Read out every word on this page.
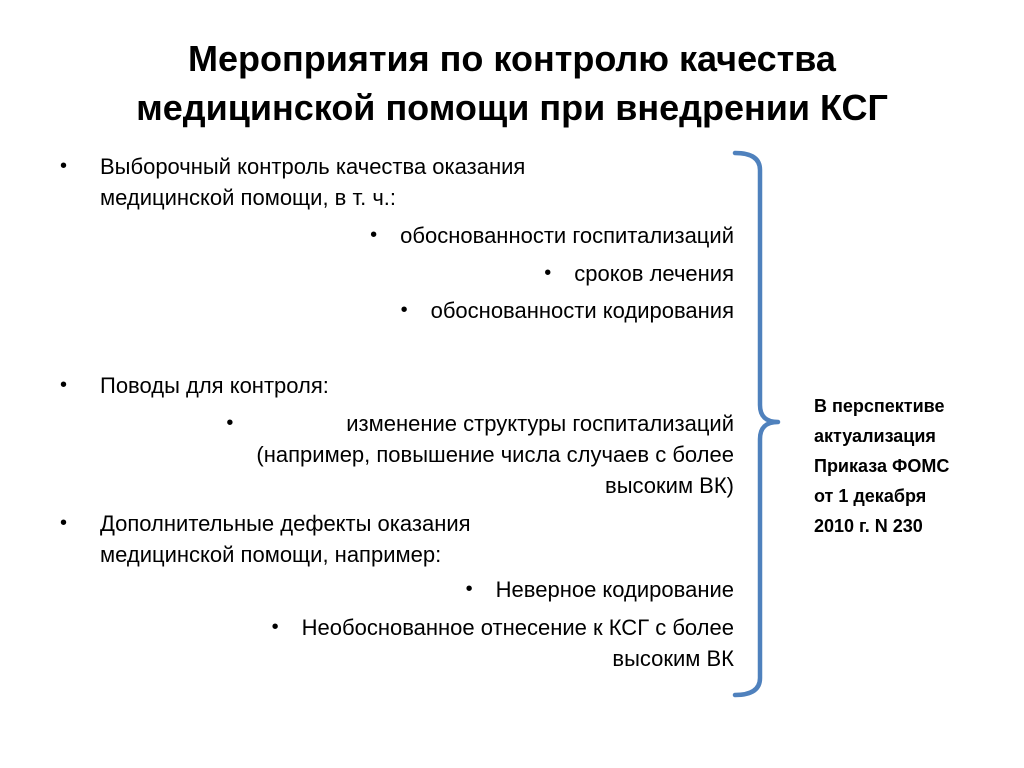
Мероприятия по контролю качества
медицинской помощи при внедрении КСГ
• Выборочный контроль качества оказания
медицинской помощи, в т. ч.:
• обоснованности госпитализаций
• сроков лечения
• обоснованности кодирования
• Поводы для контроля:
•	изменение структуры госпитализаций
(например, повышение числа случаев с более
высоким ВК)
• Дополнительные дефекты оказания
медицинской помощи, например:
• Неверное кодирование
• Необоснованное отнесение к КСГ с более
высоким ВК
В перспективе
актуализация
Приказа ФОМС
от 1 декабря
2010 г. N 230
